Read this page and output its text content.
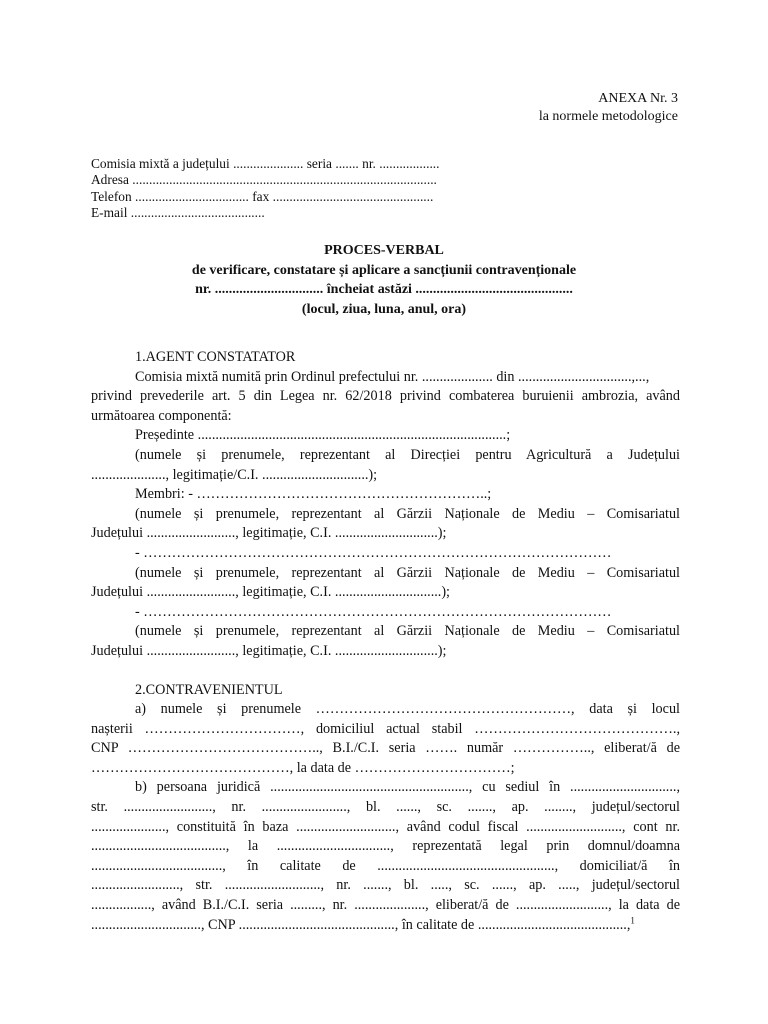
ANEXA Nr. 3
la normele metodologice
Comisia mixtă a județului ..................... seria ....... nr. ..................
Adresa ...........................................................................................
Telefon .................................. fax ................................................
E-mail ........................................
PROCES-VERBAL
de verificare, constatare și aplicare a sancțiunii contravenționale
nr. ............................... încheiat astăzi .............................................
(locul, ziua, luna, anul, ora)
1.AGENT CONSTATATOR
Comisia mixtă numită prin Ordinul prefectului nr. .................... din ................................,...,
privind prevederile art. 5 din Legea nr. 62/2018 privind combaterea buruienii ambrozia, având
următoarea componentă:
Președinte .......................................................................................;
(numele și prenumele, reprezentant al Direcției pentru Agricultură a Județului
....................., legitimație/C.I. ..............................);
Membri: - ……………………………………………………..;
(numele și prenumele, reprezentant al Gărzii Naționale de Mediu – Comisariatul
Județului ........................., legitimație, C.I. .............................);
- ………………………………………………………………………………………
(numele și prenumele, reprezentant al Gărzii Naționale de Mediu – Comisariatul
Județului ........................., legitimație, C.I. ..............................);
- ………………………………………………………………………………………
(numele și prenumele, reprezentant al Gărzii Naționale de Mediu – Comisariatul
Județului ........................., legitimație, C.I. .............................);
2.CONTRAVENIENTUL
a) numele și prenumele ………………………………………………, data și locul
nașterii ……………………………, domiciliul actual stabil …………………………………….,
CNP ………………………………….., B.I./C.I. seria ……. număr …………….., eliberat/ă de
……………………………………, la data de ……………………………;
b) persoana juridică ........................................................, cu sediul în ..............................,
str. ........................., nr. ........................, bl. ......, sc. ......., ap. ........, județul/sectorul
....................., constituită în baza ............................, având codul fiscal ..........................., cont nr.
......................................, la ................................, reprezentată legal prin domnul/doamna
....................................., în calitate de .................................................., domiciliat/ă în
........................., str. ..........................., nr. ......., bl. ....., sc. ......, ap. ....., județul/sectorul
................., având B.I./C.I. seria ........., nr. ...................., eliberat/ă de .........................., la data de
..............................., CNP ............................................, în calitate de ..........................................,$^1$
